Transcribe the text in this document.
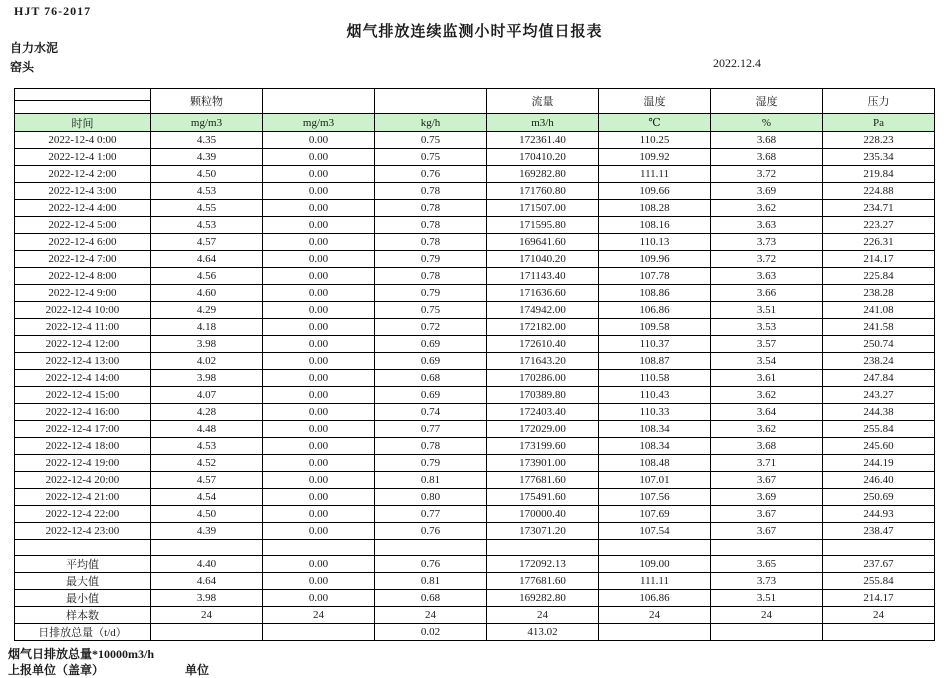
HJT 76-2017
烟气排放连续监测小时平均值日报表
自力水泥
窑头	2022.12.4
	颗粒物			流量	温度	湿度	压力
时间	mg/m3	mg/m3	kg/h	m3/h	℃	%	Pa
2022-12-4 0:00	4.35	0.00	0.75	172361.40	110.25	3.68	228.23
2022-12-4 1:00	4.39	0.00	0.75	170410.20	109.92	3.68	235.34
2022-12-4 2:00	4.50	0.00	0.76	169282.80	111.11	3.72	219.84
2022-12-4 3:00	4.53	0.00	0.78	171760.80	109.66	3.69	224.88
2022-12-4 4:00	4.55	0.00	0.78	171507.00	108.28	3.62	234.71
2022-12-4 5:00	4.53	0.00	0.78	171595.80	108.16	3.63	223.27
2022-12-4 6:00	4.57	0.00	0.78	169641.60	110.13	3.73	226.31
2022-12-4 7:00	4.64	0.00	0.79	171040.20	109.96	3.72	214.17
2022-12-4 8:00	4.56	0.00	0.78	171143.40	107.78	3.63	225.84
2022-12-4 9:00	4.60	0.00	0.79	171636.60	108.86	3.66	238.28
2022-12-4 10:00	4.29	0.00	0.75	174942.00	106.86	3.51	241.08
2022-12-4 11:00	4.18	0.00	0.72	172182.00	109.58	3.53	241.58
2022-12-4 12:00	3.98	0.00	0.69	172610.40	110.37	3.57	250.74
2022-12-4 13:00	4.02	0.00	0.69	171643.20	108.87	3.54	238.24
2022-12-4 14:00	3.98	0.00	0.68	170286.00	110.58	3.61	247.84
2022-12-4 15:00	4.07	0.00	0.69	170389.80	110.43	3.62	243.27
2022-12-4 16:00	4.28	0.00	0.74	172403.40	110.33	3.64	244.38
2022-12-4 17:00	4.48	0.00	0.77	172029.00	108.34	3.62	255.84
2022-12-4 18:00	4.53	0.00	0.78	173199.60	108.34	3.68	245.60
2022-12-4 19:00	4.52	0.00	0.79	173901.00	108.48	3.71	244.19
2022-12-4 20:00	4.57	0.00	0.81	177681.60	107.01	3.67	246.40
2022-12-4 21:00	4.54	0.00	0.80	175491.60	107.56	3.69	250.69
2022-12-4 22:00	4.50	0.00	0.77	170000.40	107.69	3.67	244.93
2022-12-4 23:00	4.39	0.00	0.76	173071.20	107.54	3.67	238.47

平均值	4.40	0.00	0.76	172092.13	109.00	3.65	237.67
最大值	4.64	0.00	0.81	177681.60	111.11	3.73	255.84
最小值	3.98	0.00	0.68	169282.80	106.86	3.51	214.17
样本数	24	24	24	24	24	24	24
日排放总量（t/d）			0.02	413.02			
烟气日排放总量*10000m3/h
上报单位（盖章）	单位
